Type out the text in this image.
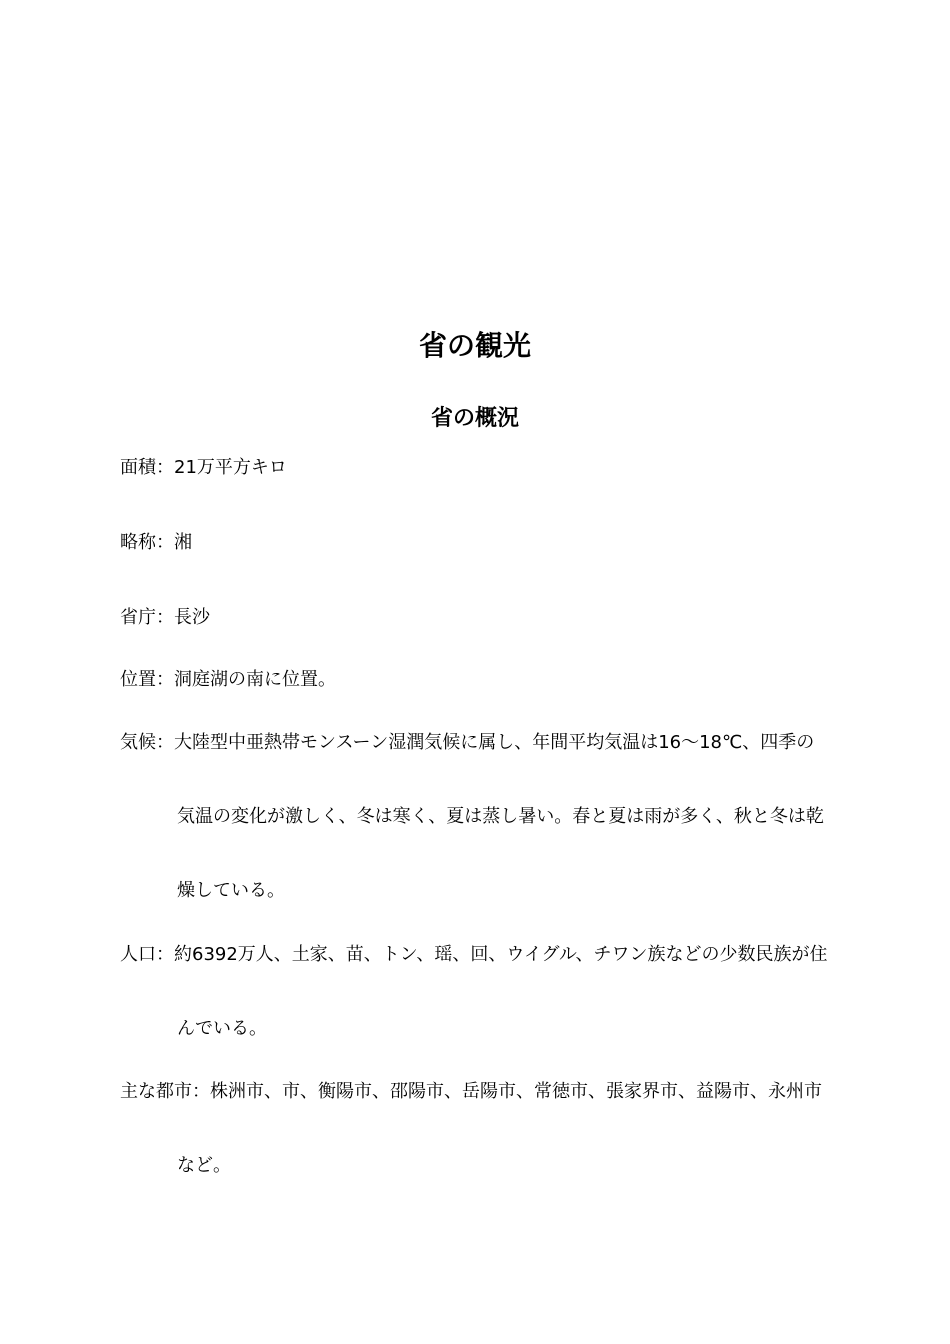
省の観光
省の概況

面積：21万平方キロ

略称：湘

省庁：長沙

位置：洞庭湖の南に位置。

気候：大陸型中亜熱帯モンスーン湿潤気候に属し、年間平均気温は16～18℃、四季の気温の変化が激しく、冬は寒く、夏は蒸し暑い。春と夏は雨が多く、秋と冬は乾燥している。

人口：約6392万人、土家、苗、トン、瑶、回、ウイグル、チワン族などの少数民族が住んでいる。

主な都市：株洲市、市、衡陽市、邵陽市、岳陽市、常徳市、張家界市、益陽市、永州市など。
